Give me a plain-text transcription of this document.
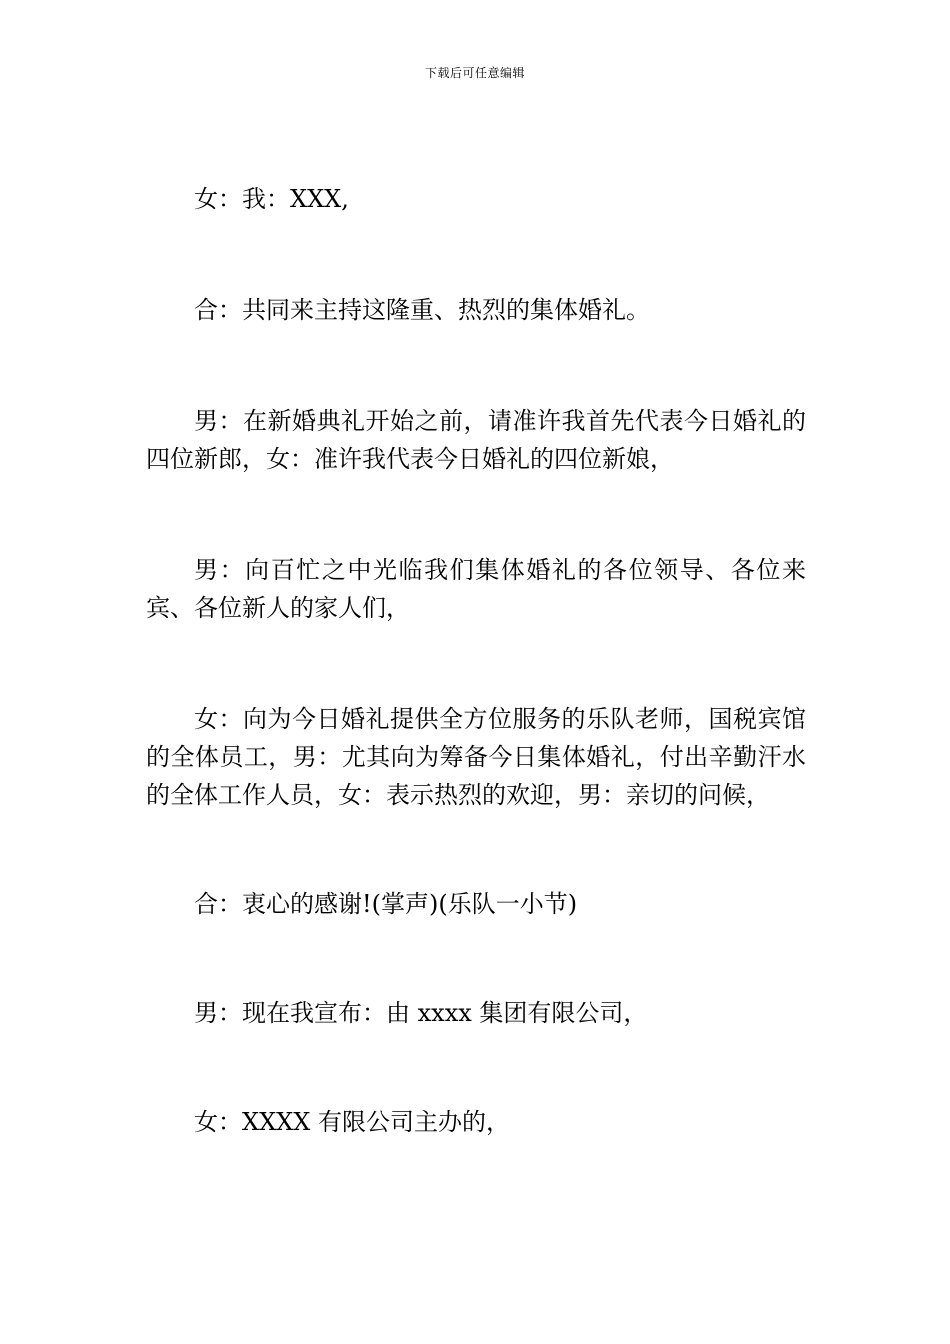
下载后可任意编辑

女：我：XXX,

合：共同来主持这隆重、热烈的集体婚礼。

男：在新婚典礼开始之前，请准许我首先代表今日婚礼的四位新郎，女：准许我代表今日婚礼的四位新娘，

男：向百忙之中光临我们集体婚礼的各位领导、各位来宾、各位新人的家人们，

女：向为今日婚礼提供全方位服务的乐队老师，国税宾馆的全体员工，男：尤其向为筹备今日集体婚礼，付出辛勤汗水的全体工作人员，女：表示热烈的欢迎，男：亲切的问候，

合：衷心的感谢!(掌声)(乐队一小节)

男：现在我宣布：由 xxxx 集团有限公司，

女：XXXX 有限公司主办的，
